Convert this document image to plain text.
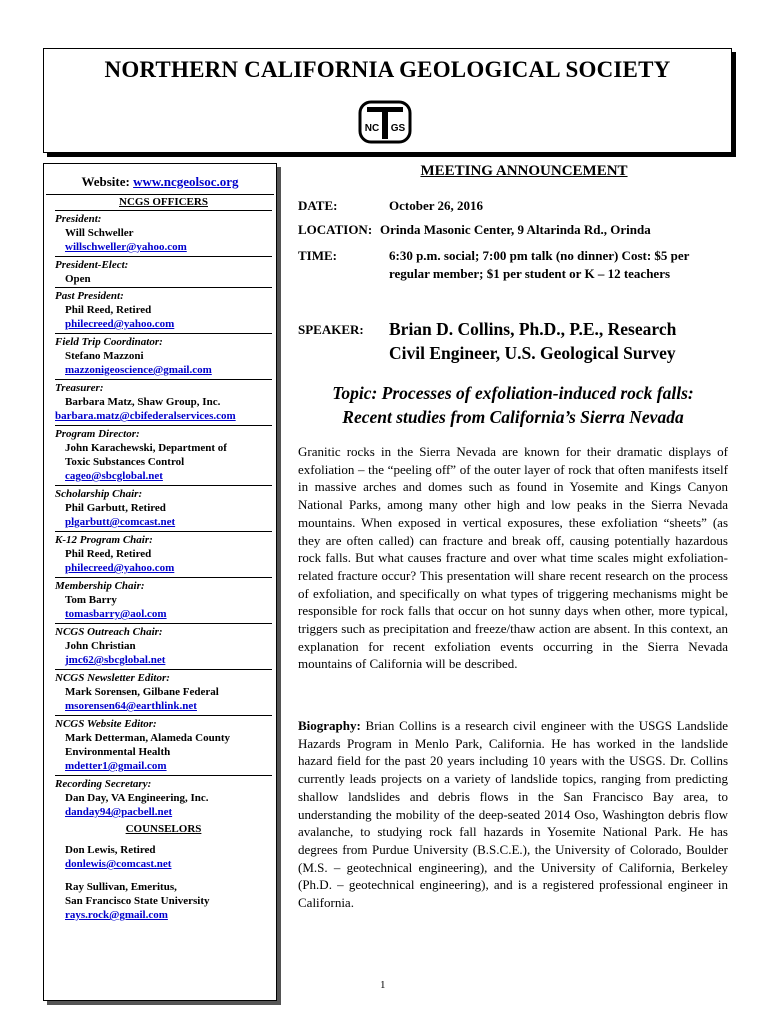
NORTHERN CALIFORNIA GEOLOGICAL SOCIETY
NC GS
Website: www.ncgeolsoc.org
NCGS OFFICERS
President:
Will Schweller
willschweller@yahoo.com
President-Elect:
Open
Past President:
Phil Reed, Retired
philecreed@yahoo.com
Field Trip Coordinator:
Stefano Mazzoni
mazzonigeoscience@gmail.com
Treasurer:
Barbara Matz, Shaw Group, Inc.
barbara.matz@cbifederalservices.com
Program Director:
John Karachewski, Department of
Toxic Substances Control
cageo@sbcglobal.net
Scholarship Chair:
Phil Garbutt, Retired
plgarbutt@comcast.net
K-12 Program Chair:
Phil Reed, Retired
philecreed@yahoo.com
Membership Chair:
Tom Barry
tomasbarry@aol.com
NCGS Outreach Chair:
John Christian
jmc62@sbcglobal.net
NCGS Newsletter Editor:
Mark Sorensen, Gilbane Federal
msorensen64@earthlink.net
NCGS Website Editor:
Mark Detterman, Alameda County
Environmental Health
mdetter1@gmail.com
Recording Secretary:
Dan Day, VA Engineering, Inc.
danday94@pacbell.net
COUNSELORS
Don Lewis, Retired
donlewis@comcast.net
Ray Sullivan, Emeritus,
San Francisco State University
rays.rock@gmail.com
MEETING ANNOUNCEMENT
DATE:	October 26, 2016
LOCATION: Orinda Masonic Center, 9 Altarinda Rd., Orinda
TIME:	6:30 p.m. social; 7:00 pm talk (no dinner) Cost: $5 per regular member; $1 per student or K – 12 teachers
SPEAKER: Brian D. Collins, Ph.D., P.E., Research
Civil Engineer, U.S. Geological Survey
Topic: Processes of exfoliation-induced rock falls:
Recent studies from California’s Sierra Nevada
Granitic rocks in the Sierra Nevada are known for their dramatic displays of exfoliation – the “peeling off” of the outer layer of rock that often manifests itself in massive arches and domes such as found in Yosemite and Kings Canyon National Parks, among many other high and low peaks in the Sierra Nevada mountains. When exposed in vertical exposures, these exfoliation “sheets” (as they are often called) can fracture and break off, causing potentially hazardous rock falls. But what causes fracture and over what time scales might exfoliation-related fracture occur? This presentation will share recent research on the process of exfoliation, and specifically on what types of triggering mechanisms might be responsible for rock falls that occur on hot sunny days when other, more typical, triggers such as precipitation and freeze/thaw action are absent. In this context, an explanation for recent exfoliation events occurring in the Sierra Nevada mountains of California will be described.
Biography: Brian Collins is a research civil engineer with the USGS Landslide Hazards Program in Menlo Park, California. He has worked in the landslide hazard field for the past 20 years including 10 years with the USGS. Dr. Collins currently leads projects on a variety of landslide topics, ranging from predicting shallow landslides and debris flows in the San Francisco Bay area, to understanding the mobility of the deep-seated 2014 Oso, Washington debris flow avalanche, to studying rock fall hazards in Yosemite National Park. He has degrees from Purdue University (B.S.C.E.), the University of Colorado, Boulder (M.S. – geotechnical engineering), and the University of California, Berkeley (Ph.D. – geotechnical engineering), and is a registered professional engineer in California.
1
